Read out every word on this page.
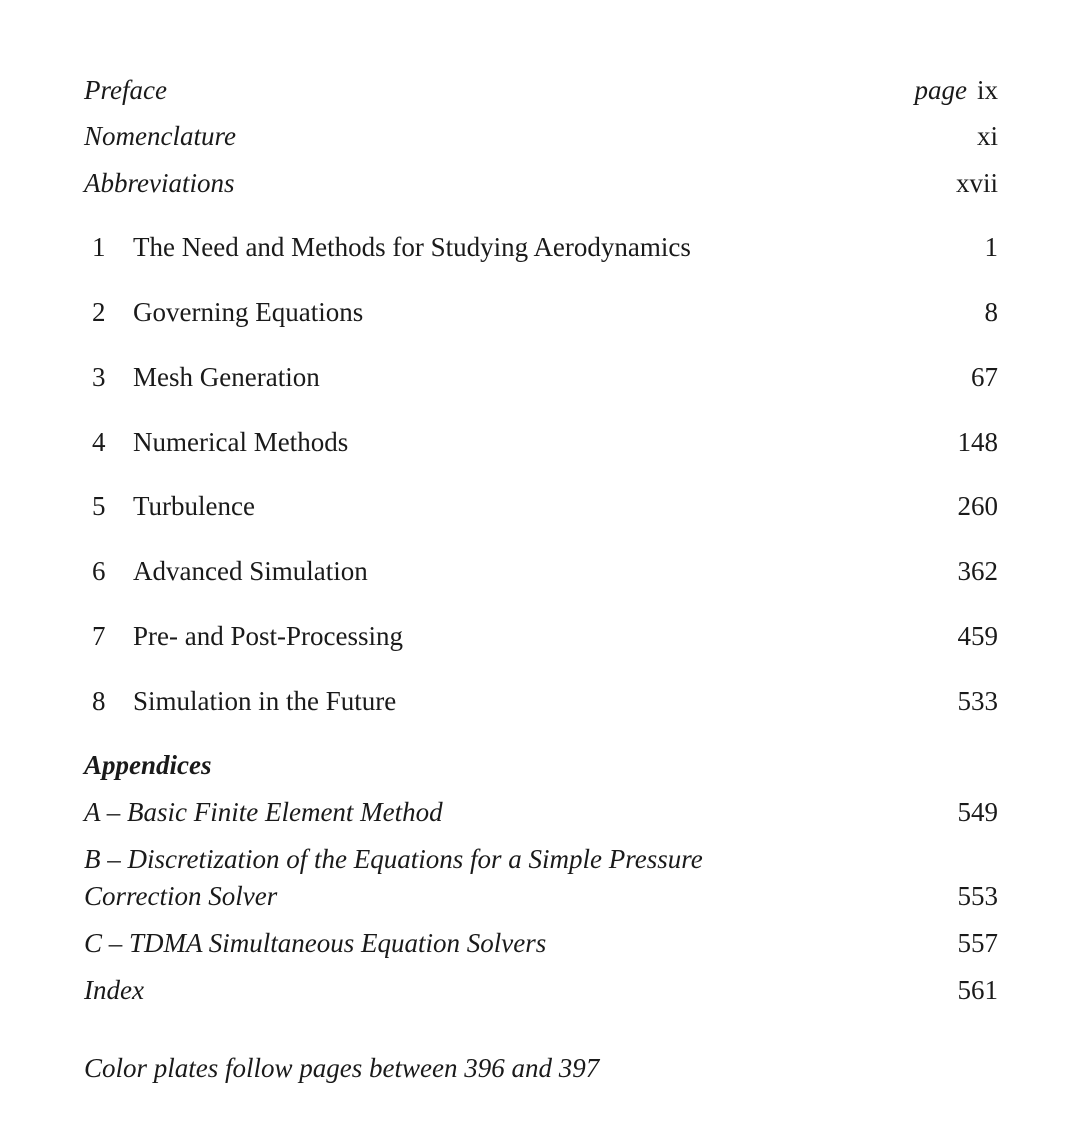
Preface	page ix
Nomenclature	xi
Abbreviations	xvii
1 The Need and Methods for Studying Aerodynamics	1
2 Governing Equations	8
3 Mesh Generation	67
4 Numerical Methods	148
5 Turbulence	260
6 Advanced Simulation	362
7 Pre- and Post-Processing	459
8 Simulation in the Future	533
Appendices
A – Basic Finite Element Method	549
B – Discretization of the Equations for a Simple Pressure
Correction Solver	553
C – TDMA Simultaneous Equation Solvers	557
Index	561
Color plates follow pages between 396 and 397
